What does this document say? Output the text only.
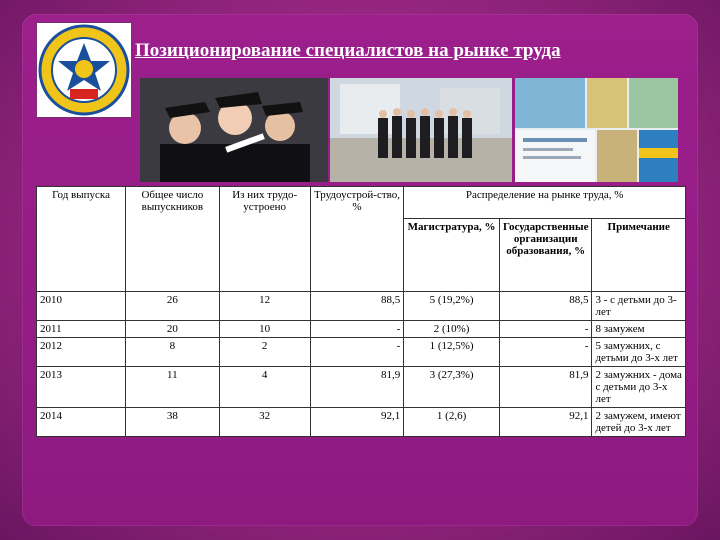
Позиционирование специалистов на рынке труда
Год выпуска	Общее число выпускников	Из них трудо-устроено	Трудоустрой-ство, %	Распределение на рынке труда, %		
				Магистратура, %	Государственные организации образования, %	Примечание
2010	26	12	88,5	5 (19,2%)	88,5	3 - с детьми до 3-лет
2011	20	10	-	2 (10%)	-	8 замужем
2012	8	2	-	1 (12,5%)	-	5 замужних, с детьми до 3-х лет
2013	11	4	81,9	3 (27,3%)	81,9	2 замужних - дома с детьми до 3-х лет
2014	38	32	92,1	1 (2,6)	92,1	2 замужем, имеют детей до 3-х лет
